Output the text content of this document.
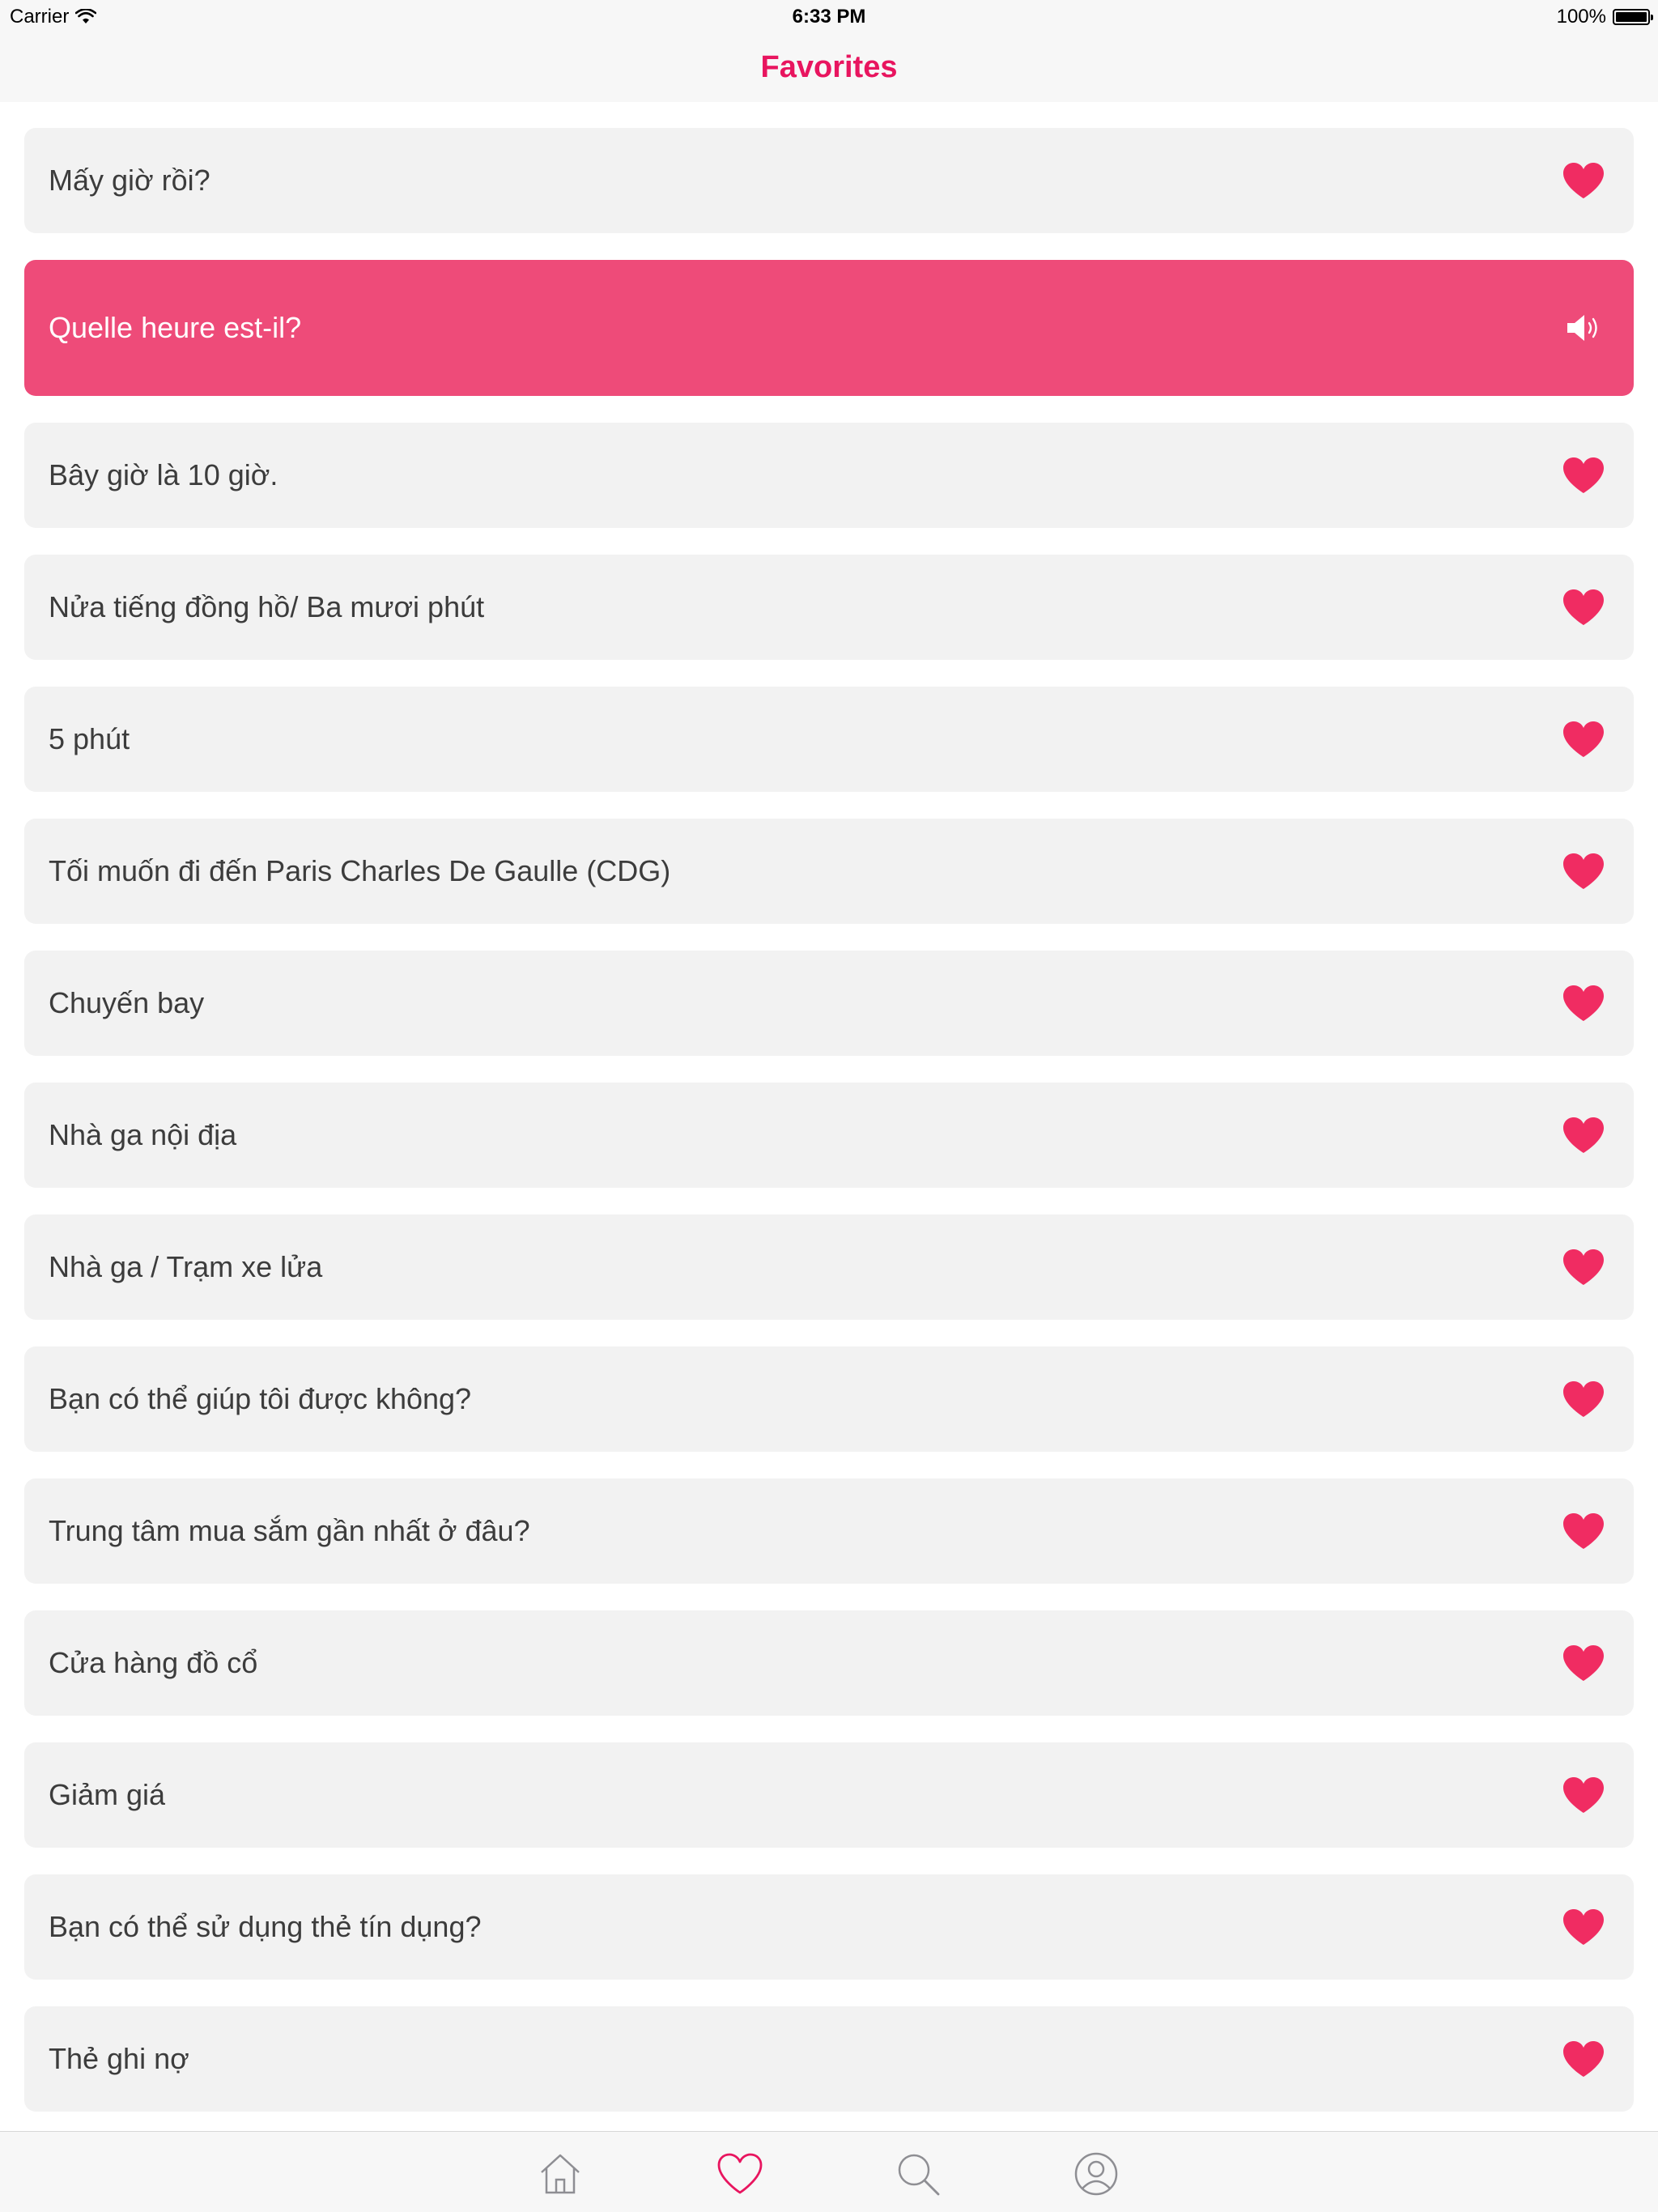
Carrier	6:33 PM	100%
Favorites
Mấy giờ rồi?
Quelle heure est-il?
Bây giờ là 10 giờ.
Nửa tiếng đồng hồ/ Ba mươi phút
5 phút
Tối muốn đi đến Paris Charles De Gaulle (CDG)
Chuyến bay
Nhà ga nội địa
Nhà ga / Trạm xe lửa
Bạn có thể giúp tôi được không?
Trung tâm mua sắm gần nhất ở đâu?
Cửa hàng đồ cổ
Giảm giá
Bạn có thể sử dụng thẻ tín dụng?
Thẻ ghi nợ
